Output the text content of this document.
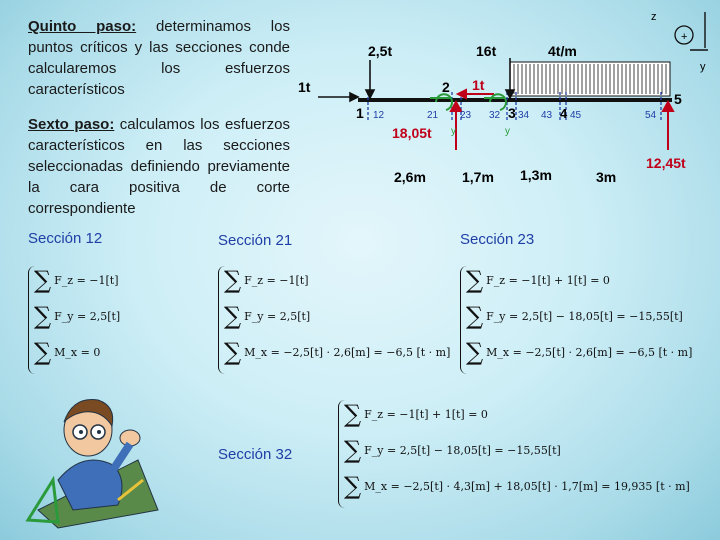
Quinto paso: determinamos los puntos críticos y las secciones conde calcularemos los esfuerzos característicos
Sexto paso: calculamos los esfuerzos característicos en las secciones seleccionadas definiendo previamente la cara positiva de corte correspondiente
Sección 12	Sección 21	Sección 23
Sección 32
z
y
+
1t
2,5t	16t	4t/m
1t
18,05t
12,45t
1
2
3	4
5
12	21 23 32 34 43 45	54
y	y
2,6m	1,7m 1,3m	3m
∑ F_z = −1[t]
∑ F_y = 2,5[t]
∑ M_x = 0
∑ F_z = −1[t]
∑ F_y = 2,5[t]
∑ M_x = −2,5[t] · 2,6[m] = −6,5 [t · m]
∑ F_z = −1[t] + 1[t] = 0
∑ F_y = 2,5[t] − 18,05[t] = −15,55[t]
∑ M_x = −2,5[t] · 2,6[m] = −6,5 [t · m]
∑ F_z = −1[t] + 1[t] = 0
∑ F_y = 2,5[t] − 18,05[t] = −15,55[t]
∑ M_x = −2,5[t] · 4,3[m] + 18,05[t] · 1,7[m] = 19,935 [t · m]
